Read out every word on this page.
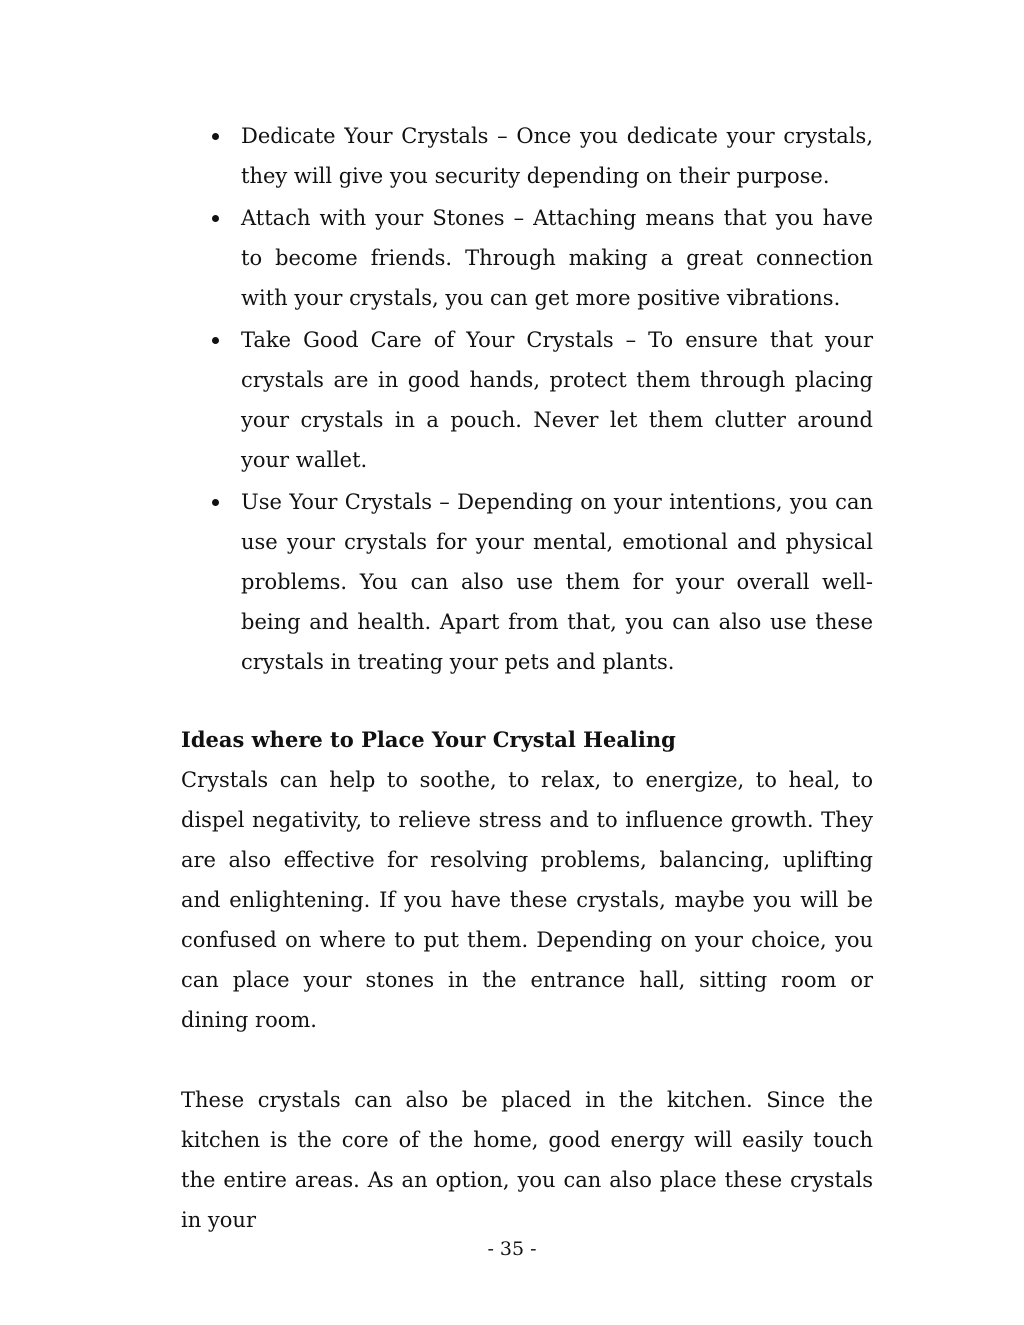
Dedicate Your Crystals – Once you dedicate your crystals, they will give you security depending on their purpose.
Attach with your Stones – Attaching means that you have to become friends. Through making a great connection with your crystals, you can get more positive vibrations.
Take Good Care of Your Crystals – To ensure that your crystals are in good hands, protect them through placing your crystals in a pouch. Never let them clutter around your wallet.
Use Your Crystals – Depending on your intentions, you can use your crystals for your mental, emotional and physical problems. You can also use them for your overall well-being and health. Apart from that, you can also use these crystals in treating your pets and plants.
Ideas where to Place Your Crystal Healing

Crystals can help to soothe, to relax, to energize, to heal, to dispel negativity, to relieve stress and to influence growth. They are also effective for resolving problems, balancing, uplifting and enlightening. If you have these crystals, maybe you will be confused on where to put them. Depending on your choice, you can place your stones in the entrance hall, sitting room or dining room.

These crystals can also be placed in the kitchen. Since the kitchen is the core of the home, good energy will easily touch the entire areas. As an option, you can also place these crystals in your

- 35 -
